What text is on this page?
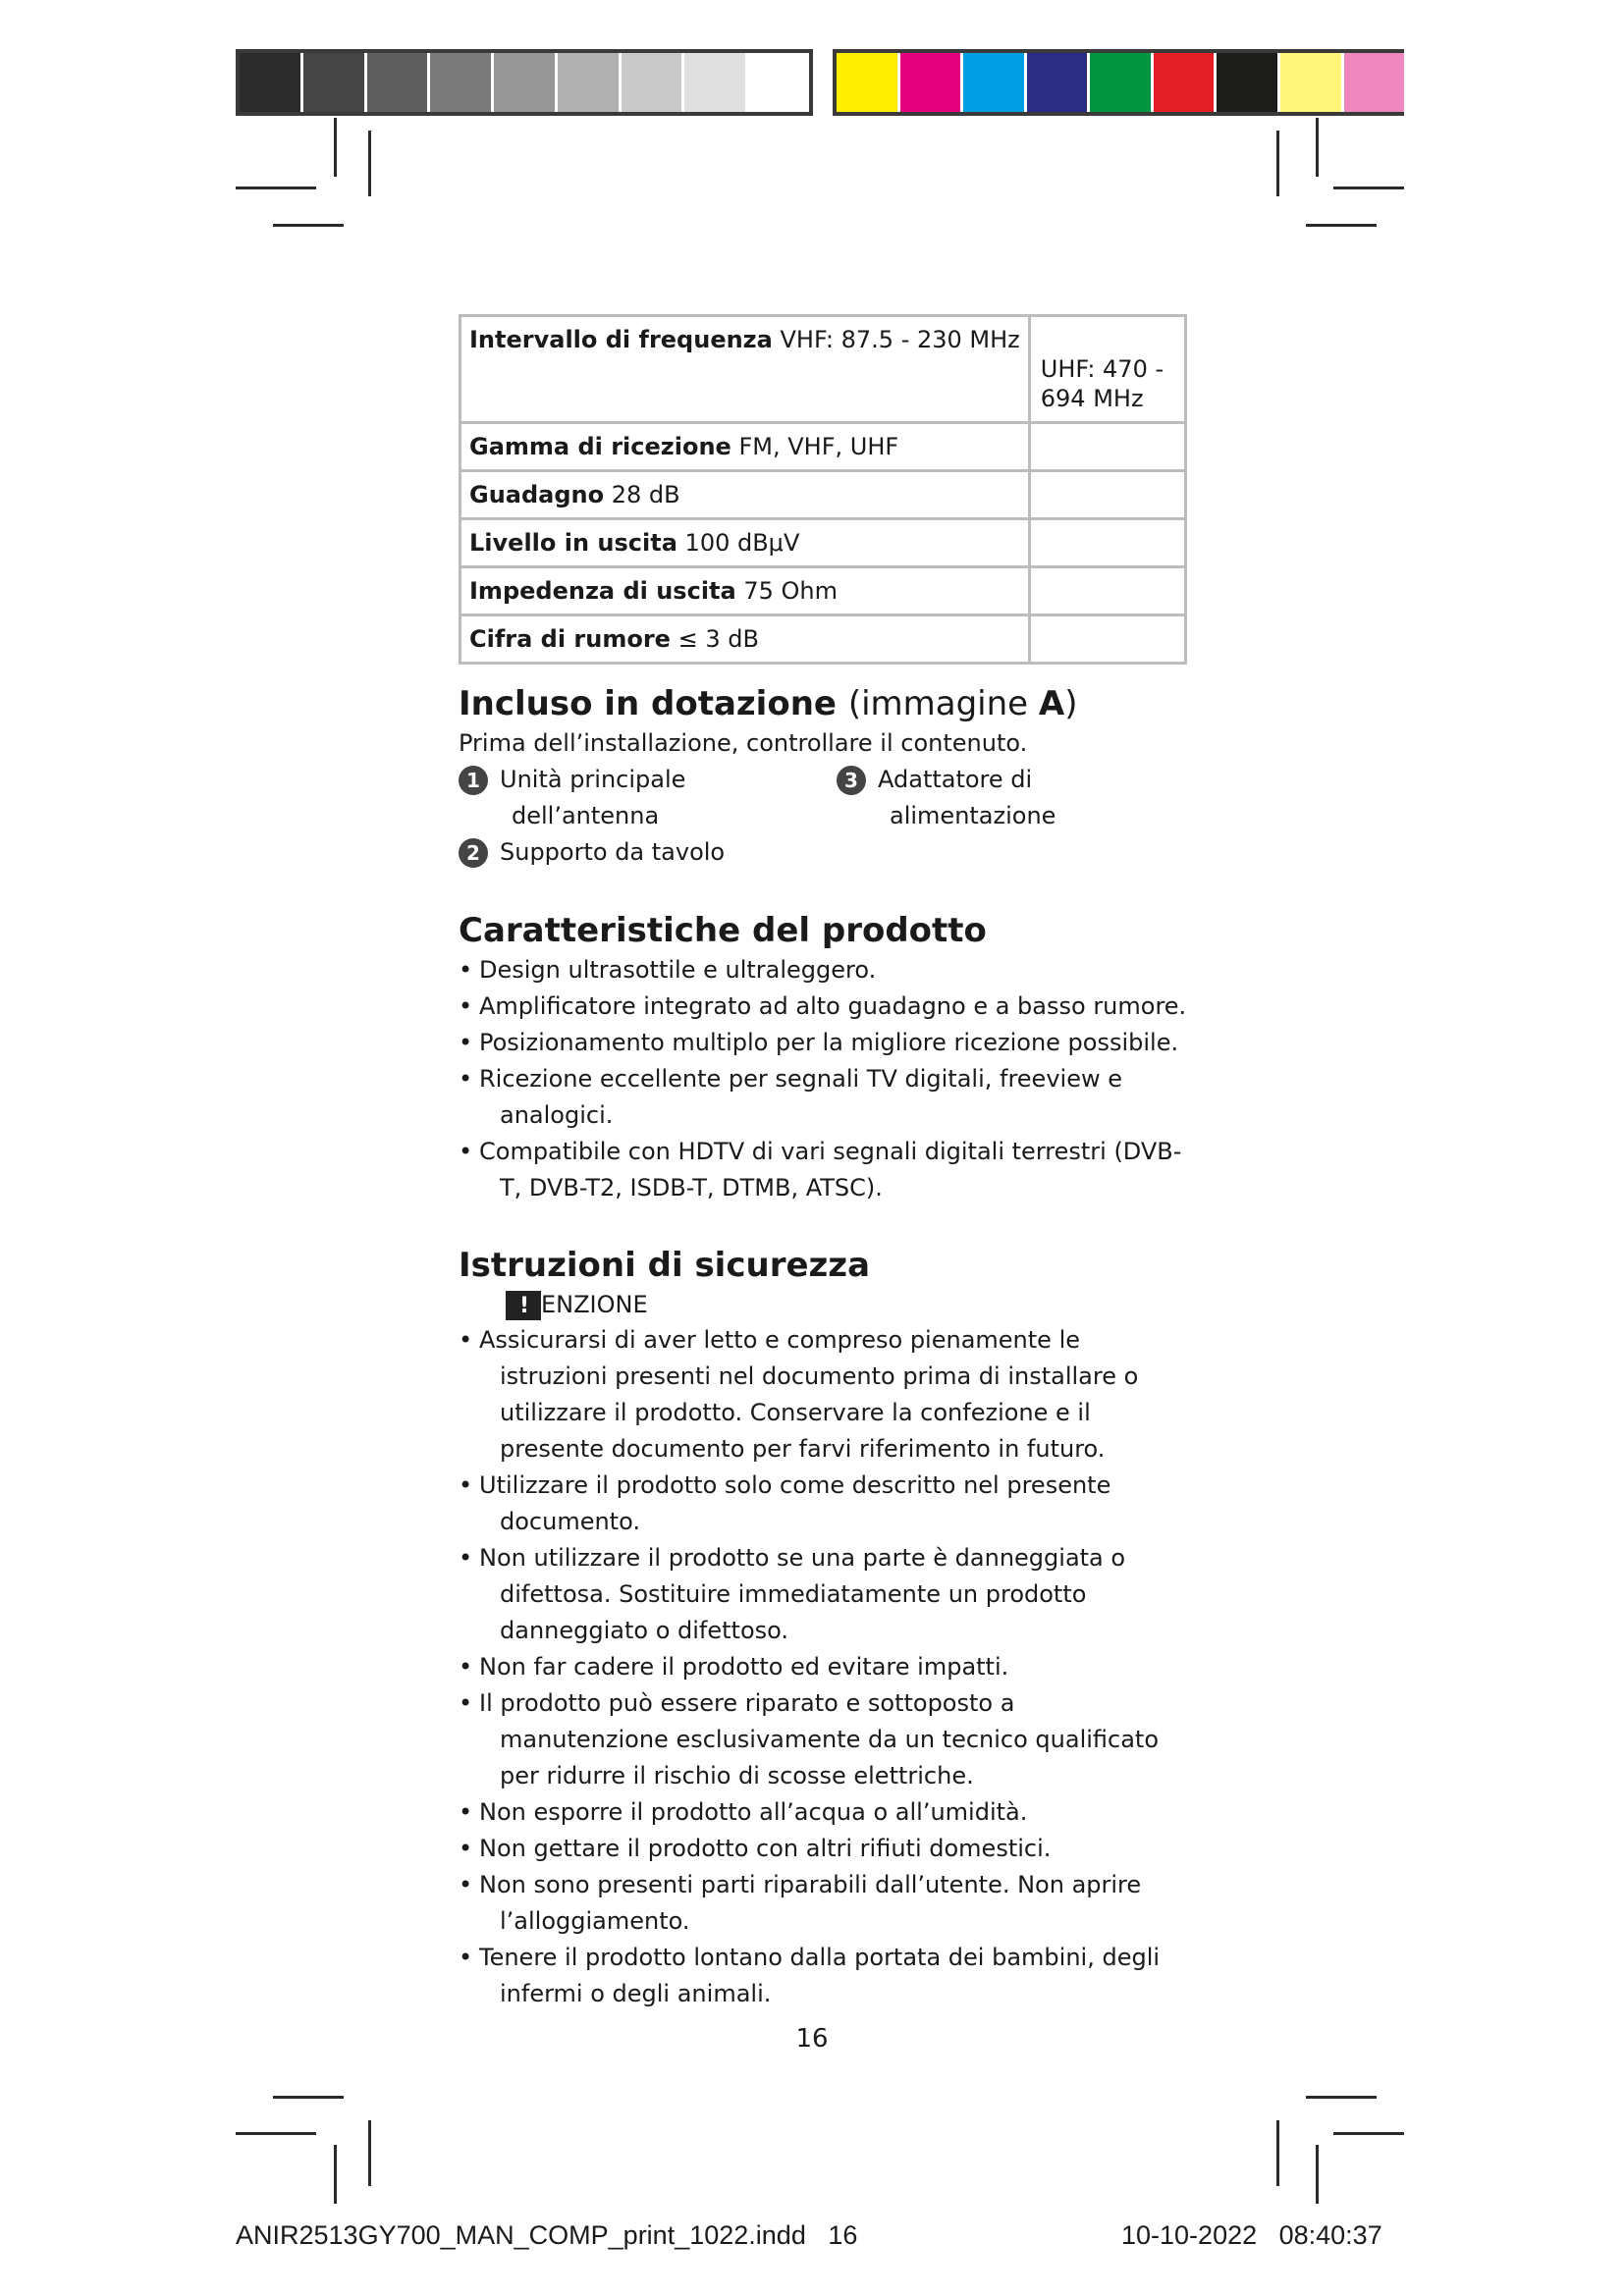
Intervallo di frequenza VHF: 87.5 - 230 MHz	UHF: 470 - 694 MHz

Gamma di ricezione FM, VHF, UHF	
Guadagno 28 dB	
Livello in uscita 100 dBμV	
Impedenza di uscita 75 Ohm	
Cifra di rumore ≤ 3 dB	
Incluso in dotazione (immagine A)

Prima dell’installazione, controllare il contenuto.

1 Unità principale
dell’antenna
2 Supporto da tavolo
3 Adattatore di
alimentazione
Caratteristiche del prodotto
• Design ultrasottile e ultraleggero.
• Amplificatore integrato ad alto guadagno e a basso rumore.
• Posizionamento multiplo per la migliore ricezione possibile.
• Ricezione eccellente per segnali TV digitali, freeview e analogici.
• Compatibile con HDTV di vari segnali digitali terrestri (DVB-T, DVB-T2, ISDB-T, DTMB, ATSC).
Istruzioni di sicurezza
!ENZIONE
• Assicurarsi di aver letto e compreso pienamente le istruzioni presenti nel documento prima di installare o utilizzare il prodotto. Conservare la confezione e il presente documento per farvi riferimento in futuro.
• Utilizzare il prodotto solo come descritto nel presente documento.
• Non utilizzare il prodotto se una parte è danneggiata o difettosa. Sostituire immediatamente un prodotto danneggiato o difettoso.
• Non far cadere il prodotto ed evitare impatti.
• Il prodotto può essere riparato e sottoposto a manutenzione esclusivamente da un tecnico qualificato per ridurre il rischio di scosse elettriche.
• Non esporre il prodotto all’acqua o all’umidità.
• Non gettare il prodotto con altri rifiuti domestici.
• Non sono presenti parti riparabili dall’utente. Non aprire l’alloggiamento.
• Tenere il prodotto lontano dalla portata dei bambini, degli infermi o degli animali.
16
ANIR2513GY700_MAN_COMP_print_1022.indd   16	10-10-2022   08:40:37
